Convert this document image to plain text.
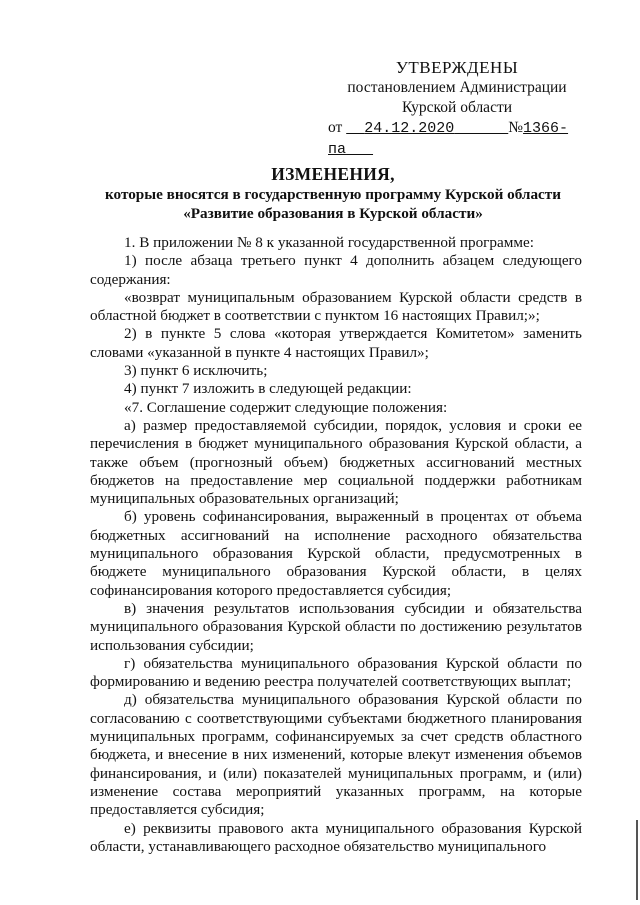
УТВЕРЖДЕНЫ
постановлением Администрации
Курской области
от 24.12.2020	№1366-па
ИЗМЕНЕНИЯ,
которые вносятся в государственную программу Курской области
«Развитие образования в Курской области»

1. В приложении № 8 к указанной государственной программе:

1) после абзаца третьего пункт 4 дополнить абзацем следующего содержания:

«возврат муниципальным образованием Курской области средств в областной бюджет в соответствии с пунктом 16 настоящих Правил;»;

2) в пункте 5 слова «которая утверждается Комитетом» заменить словами «указанной в пункте 4 настоящих Правил»;

3) пункт 6 исключить;

4) пункт 7 изложить в следующей редакции:

«7. Соглашение содержит следующие положения:

а) размер предоставляемой субсидии, порядок, условия и сроки ее перечисления в бюджет муниципального образования Курской области, а также объем (прогнозный объем) бюджетных ассигнований местных бюджетов на предоставление мер социальной поддержки работникам муниципальных образовательных организаций;

б) уровень софинансирования, выраженный в процентах от объема бюджетных ассигнований на исполнение расходного обязательства муниципального образования Курской области, предусмотренных в бюджете муниципального образования Курской области, в целях софинансирования которого предоставляется субсидия;

в) значения результатов использования субсидии и обязательства муниципального образования Курской области по достижению результатов использования субсидии;

г) обязательства муниципального образования Курской области по формированию и ведению реестра получателей соответствующих выплат;

д) обязательства муниципального образования Курской области по согласованию с соответствующими субъектами бюджетного планирования муниципальных программ, софинансируемых за счет средств областного бюджета, и внесение в них изменений, которые влекут изменения объемов финансирования, и (или) показателей муниципальных программ, и (или) изменение состава мероприятий указанных программ, на которые предоставляется субсидия;

е) реквизиты правового акта муниципального образования Курской области, устанавливающего расходное обязательство муниципального
